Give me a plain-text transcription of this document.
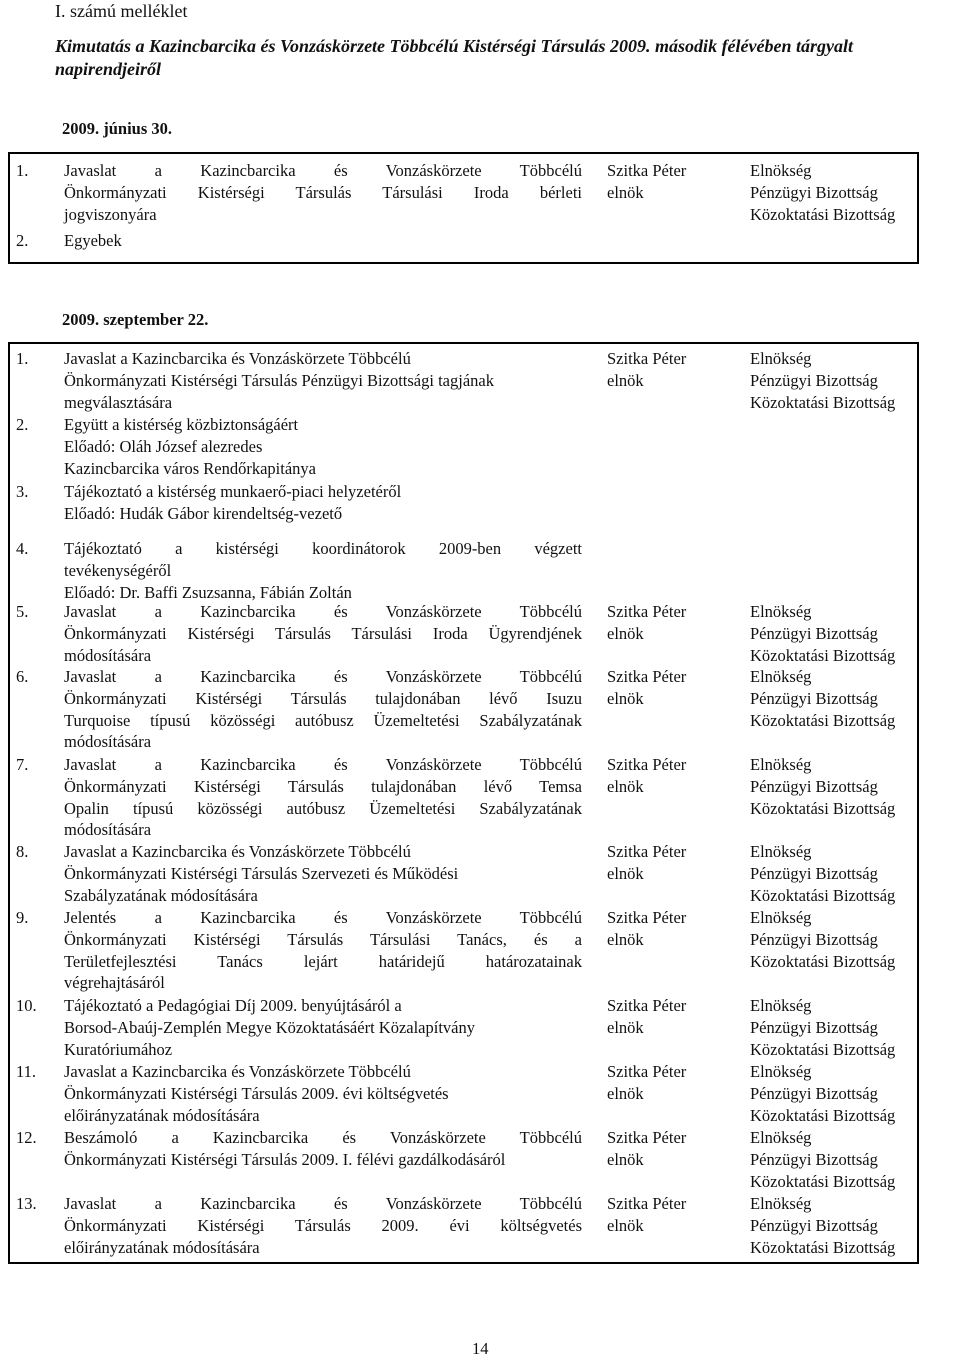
I. számú melléklet
Kimutatás a Kazincbarcika és Vonzáskörzete Többcélú Kistérségi Társulás 2009. második félévében tárgyalt napirendjeiről
2009. június 30.
1. Javaslat a Kazincbarcika és Vonzáskörzete Többcélú
Önkormányzati Kistérségi Társulás Társulási Iroda bérleti
jogviszonyára
Szitka Péter
elnök
Elnökség
Pénzügyi Bizottság
Közoktatási Bizottság
2. Egyebek
2009. szeptember 22.
1. Javaslat a Kazincbarcika és Vonzáskörzete Többcélú
Önkormányzati Kistérségi Társulás Pénzügyi Bizottsági tagjának
megválasztására
Szitka Péter
elnök
Elnökség
Pénzügyi Bizottság
Közoktatási Bizottság
2. Együtt a kistérség közbiztonságáért
Előadó: Oláh József alezredes
Kazincbarcika város Rendőrkapitánya
3. Tájékoztató a kistérség munkaerő-piaci helyzetéről
Előadó: Hudák Gábor kirendeltség-vezető
4. Tájékoztató a kistérségi koordinátorok 2009-ben végzett
tevékenységéről
Előadó: Dr. Baffi Zsuzsanna, Fábián Zoltán
5. Javaslat a Kazincbarcika és Vonzáskörzete Többcélú
Önkormányzati Kistérségi Társulás Társulási Iroda Ügyrendjének
módosítására
Szitka Péter
elnök
Elnökség
Pénzügyi Bizottság
Közoktatási Bizottság
6. Javaslat a Kazincbarcika és Vonzáskörzete Többcélú
Önkormányzati Kistérségi Társulás tulajdonában lévő Isuzu
Turquoise típusú közösségi autóbusz Üzemeltetési Szabályzatának
módosítására
Szitka Péter
elnök
Elnökség
Pénzügyi Bizottság
Közoktatási Bizottság
7. Javaslat a Kazincbarcika és Vonzáskörzete Többcélú
Önkormányzati Kistérségi Társulás tulajdonában lévő Temsa
Opalin típusú közösségi autóbusz Üzemeltetési Szabályzatának
módosítására
Szitka Péter
elnök
Elnökség
Pénzügyi Bizottság
Közoktatási Bizottság
8. Javaslat a Kazincbarcika és Vonzáskörzete Többcélú
Önkormányzati Kistérségi Társulás Szervezeti és Működési
Szabályzatának módosítására
Szitka Péter
elnök
Elnökség
Pénzügyi Bizottság
Közoktatási Bizottság
9. Jelentés a Kazincbarcika és Vonzáskörzete Többcélú
Önkormányzati Kistérségi Társulás Társulási Tanács, és a
Területfejlesztési Tanács lejárt határidejű határozatainak
végrehajtásáról
Szitka Péter
elnök
Elnökség
Pénzügyi Bizottság
Közoktatási Bizottság
10. Tájékoztató a Pedagógiai Díj 2009. benyújtásáról a
Borsod-Abaúj-Zemplén Megye Közoktatásáért Közalapítvány
Kuratóriumához
Szitka Péter
elnök
Elnökség
Pénzügyi Bizottság
Közoktatási Bizottság
11. Javaslat a Kazincbarcika és Vonzáskörzete Többcélú
Önkormányzati Kistérségi Társulás 2009. évi költségvetés
előirányzatának módosítására
Szitka Péter
elnök
Elnökség
Pénzügyi Bizottság
Közoktatási Bizottság
12. Beszámoló a Kazincbarcika és Vonzáskörzete Többcélú
Önkormányzati Kistérségi Társulás 2009. I. félévi gazdálkodásáról
Szitka Péter
elnök
Elnökség
Pénzügyi Bizottság
Közoktatási Bizottság
13. Javaslat a Kazincbarcika és Vonzáskörzete Többcélú
Önkormányzati Kistérségi Társulás 2009. évi költségvetés
előirányzatának módosítására
Szitka Péter
elnök
Elnökség
Pénzügyi Bizottság
Közoktatási Bizottság
14
